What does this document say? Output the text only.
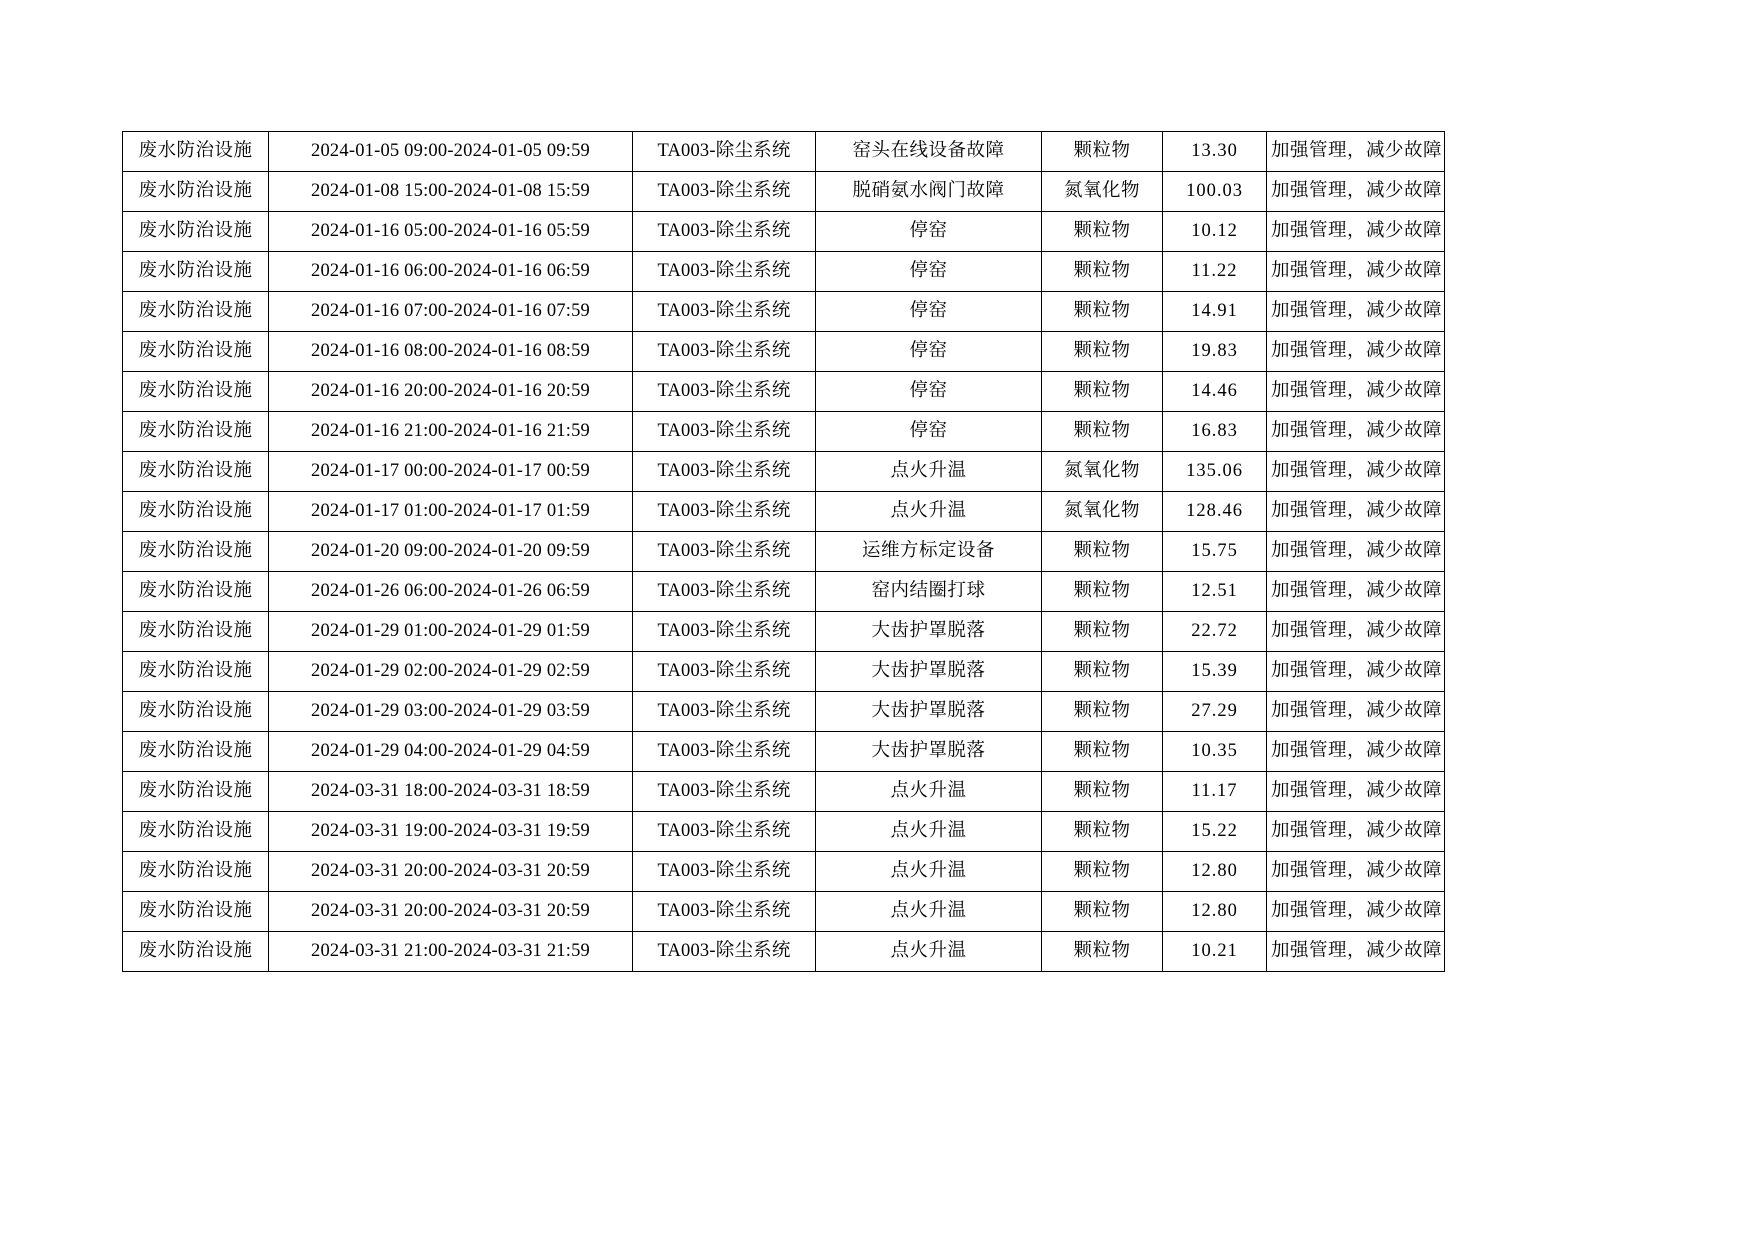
废水防治设施	2024-01-05 09:00-2024-01-05 09:59	TA003-除尘系统	窑头在线设备故障	颗粒物	13.30	加强管理，减少故障
废水防治设施	2024-01-08 15:00-2024-01-08 15:59	TA003-除尘系统	脱硝氨水阀门故障	氮氧化物	100.03	加强管理，减少故障
废水防治设施	2024-01-16 05:00-2024-01-16 05:59	TA003-除尘系统	停窑	颗粒物	10.12	加强管理，减少故障
废水防治设施	2024-01-16 06:00-2024-01-16 06:59	TA003-除尘系统	停窑	颗粒物	11.22	加强管理，减少故障
废水防治设施	2024-01-16 07:00-2024-01-16 07:59	TA003-除尘系统	停窑	颗粒物	14.91	加强管理，减少故障
废水防治设施	2024-01-16 08:00-2024-01-16 08:59	TA003-除尘系统	停窑	颗粒物	19.83	加强管理，减少故障
废水防治设施	2024-01-16 20:00-2024-01-16 20:59	TA003-除尘系统	停窑	颗粒物	14.46	加强管理，减少故障
废水防治设施	2024-01-16 21:00-2024-01-16 21:59	TA003-除尘系统	停窑	颗粒物	16.83	加强管理，减少故障
废水防治设施	2024-01-17 00:00-2024-01-17 00:59	TA003-除尘系统	点火升温	氮氧化物	135.06	加强管理，减少故障
废水防治设施	2024-01-17 01:00-2024-01-17 01:59	TA003-除尘系统	点火升温	氮氧化物	128.46	加强管理，减少故障
废水防治设施	2024-01-20 09:00-2024-01-20 09:59	TA003-除尘系统	运维方标定设备	颗粒物	15.75	加强管理，减少故障
废水防治设施	2024-01-26 06:00-2024-01-26 06:59	TA003-除尘系统	窑内结圈打球	颗粒物	12.51	加强管理，减少故障
废水防治设施	2024-01-29 01:00-2024-01-29 01:59	TA003-除尘系统	大齿护罩脱落	颗粒物	22.72	加强管理，减少故障
废水防治设施	2024-01-29 02:00-2024-01-29 02:59	TA003-除尘系统	大齿护罩脱落	颗粒物	15.39	加强管理，减少故障
废水防治设施	2024-01-29 03:00-2024-01-29 03:59	TA003-除尘系统	大齿护罩脱落	颗粒物	27.29	加强管理，减少故障
废水防治设施	2024-01-29 04:00-2024-01-29 04:59	TA003-除尘系统	大齿护罩脱落	颗粒物	10.35	加强管理，减少故障
废水防治设施	2024-03-31 18:00-2024-03-31 18:59	TA003-除尘系统	点火升温	颗粒物	11.17	加强管理，减少故障
废水防治设施	2024-03-31 19:00-2024-03-31 19:59	TA003-除尘系统	点火升温	颗粒物	15.22	加强管理，减少故障
废水防治设施	2024-03-31 20:00-2024-03-31 20:59	TA003-除尘系统	点火升温	颗粒物	12.80	加强管理，减少故障
废水防治设施	2024-03-31 20:00-2024-03-31 20:59	TA003-除尘系统	点火升温	颗粒物	12.80	加强管理，减少故障
废水防治设施	2024-03-31 21:00-2024-03-31 21:59	TA003-除尘系统	点火升温	颗粒物	10.21	加强管理，减少故障
